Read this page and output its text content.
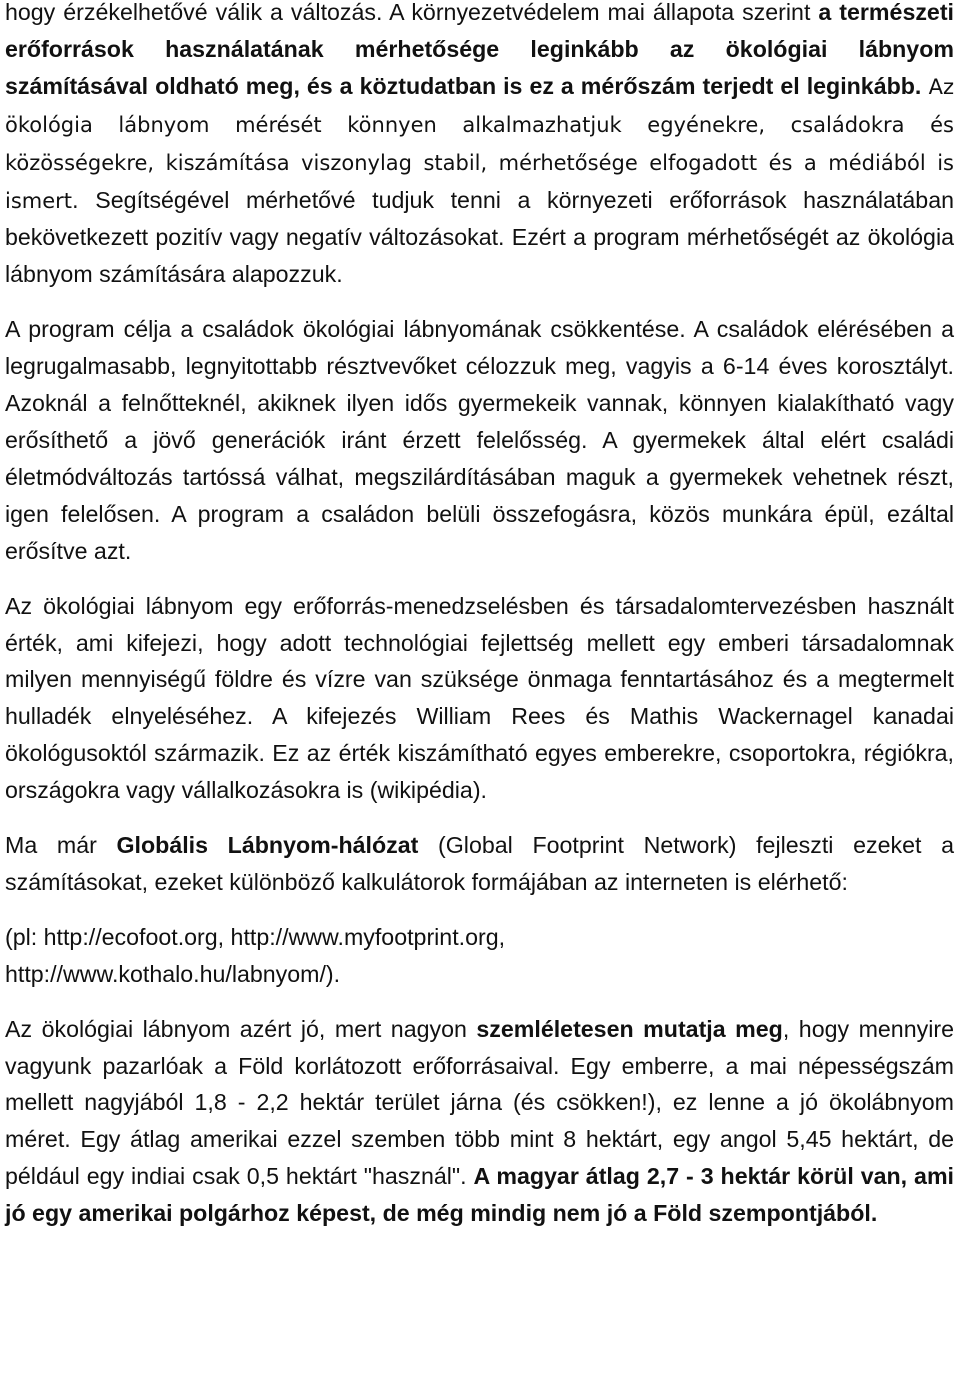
hogy érzékelhetővé válik a változás. A környezetvédelem mai állapota szerint a természeti erőforrások használatának mérhetősége leginkább az ökológiai lábnyom számításával oldható meg, és a köztudatban is ez a mérőszám terjedt el leginkább. Az ökológia lábnyom mérését könnyen alkalmazhatjuk egyénekre, családokra és közösségekre, kiszámítása viszonylag stabil, mérhetősége elfogadott és a médiából is ismert. Segítségével mérhetővé tudjuk tenni a környezeti erőforrások használatában bekövetkezett pozitív vagy negatív változásokat. Ezért a program mérhetőségét az ökológia lábnyom számítására alapozzuk.

A program célja a családok ökológiai lábnyomának csökkentése. A családok elérésében a legrugalmasabb, legnyitottabb résztvevőket célozzuk meg, vagyis a 6-14 éves korosztályt. Azoknál a felnőtteknél, akiknek ilyen idős gyermekeik vannak, könnyen kialakítható vagy erősíthető a jövő generációk iránt érzett felelősség. A gyermekek által elért családi életmódváltozás tartóssá válhat, megszilárdításában maguk a gyermekek vehetnek részt, igen felelősen. A program a családon belüli összefogásra, közös munkára épül, ezáltal erősítve azt.

Az ökológiai lábnyom egy erőforrás-menedzselésben és társadalomtervezésben használt érték, ami kifejezi, hogy adott technológiai fejlettség mellett egy emberi társadalomnak milyen mennyiségű földre és vízre van szüksége önmaga fenntartásához és a megtermelt hulladék elnyeléséhez. A kifejezés William Rees és Mathis Wackernagel kanadai ökológusoktól származik. Ez az érték kiszámítható egyes emberekre, csoportokra, régiókra, országokra vagy vállalkozásokra is (wikipédia).

Ma már Globális Lábnyom-hálózat (Global Footprint Network) fejleszti ezeket a számításokat, ezeket különböző kalkulátorok formájában az interneten is elérhető:

(pl: http://ecofoot.org, http://www.myfootprint.org,
http://www.kothalo.hu/labnyom/).

Az ökológiai lábnyom azért jó, mert nagyon szemléletesen mutatja meg, hogy mennyire vagyunk pazarlóak a Föld korlátozott erőforrásaival. Egy emberre, a mai népességszám mellett nagyjából 1,8 - 2,2 hektár terület járna (és csökken!), ez lenne a jó ökolábnyom méret. Egy átlag amerikai ezzel szemben több mint 8 hektárt, egy angol 5,45 hektárt, de például egy indiai csak 0,5 hektárt "használ". A magyar átlag 2,7 - 3 hektár körül van, ami jó egy amerikai polgárhoz képest, de még mindig nem jó a Föld szempontjából.
